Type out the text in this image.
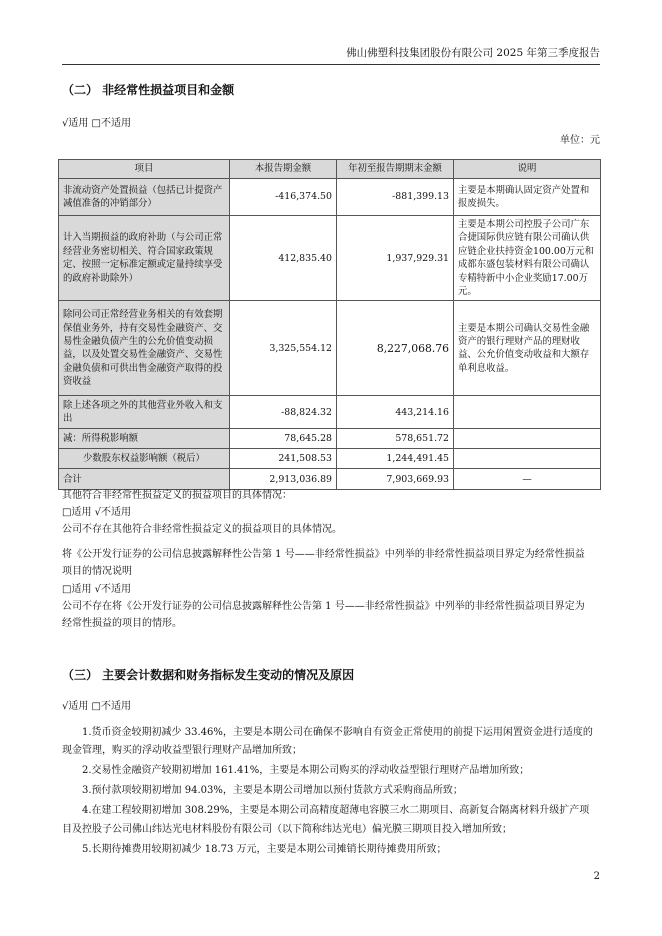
佛山佛塑科技集团股份有限公司 2025 年第三季度报告
（二） 非经常性损益项目和金额
√适用 □不适用
单位：元
项目	本报告期金额	年初至报告期期末金额	说明
非流动资产处置损益（包括已计提资产减值准备的冲销部分）	-416,374.50	-881,399.13	主要是本期确认固定资产处置和报废损失。
计入当期损益的政府补助（与公司正常经营业务密切相关、符合国家政策规定、按照一定标准定额或定量持续享受的政府补助除外）	412,835.40	1,937,929.31	主要是本期公司控股子公司广东合捷国际供应链有限公司确认供应链企业扶持资金100.00万元和成都东盛包装材料有限公司确认专精特新中小企业奖励17.00万元。
除同公司正常经营业务相关的有效套期保值业务外，持有交易性金融资产、交易性金融负债产生的公允价值变动损益，以及处置交易性金融资产、交易性金融负债和可供出售金融资产取得的投资收益	3,325,554.12	8,227,068.76	主要是本期公司确认交易性金融资产的银行理财产品的理财收益、公允价值变动收益和大额存单利息收益。
除上述各项之外的其他营业外收入和支出	-88,824.32	443,214.16	
减：所得税影响额	78,645.28	578,651.72	
少数股东权益影响额（税后）	241,508.53	1,244,491.45	
合计	2,913,036.89	7,903,669.93	—
其他符合非经常性损益定义的损益项目的具体情况：
□适用 √不适用
公司不存在其他符合非经常性损益定义的损益项目的具体情况。
将《公开发行证券的公司信息披露解释性公告第 1 号——非经常性损益》中列举的非经常性损益项目界定为经常性损益
项目的情况说明
□适用 √不适用
公司不存在将《公开发行证券的公司信息披露解释性公告第 1 号——非经常性损益》中列举的非经常性损益项目界定为
经常性损益的项目的情形。
（三） 主要会计数据和财务指标发生变动的情况及原因
√适用 □不适用
1.货币资金较期初减少 33.46%，主要是本期公司在确保不影响自有资金正常使用的前提下运用闲置资金进行适度的
现金管理，购买的浮动收益型银行理财产品增加所致；
2.交易性金融资产较期初增加 161.41%，主要是本期公司购买的浮动收益型银行理财产品增加所致；
3.预付款项较期初增加 94.03%，主要是本期公司增加以预付货款方式采购商品所致；
4.在建工程较期初增加 308.29%，主要是本期公司高精度超薄电容膜三水二期项目、高新复合隔离材料升级扩产项
目及控股子公司佛山纬达光电材料股份有限公司（以下简称纬达光电）偏光膜三期项目投入增加所致；
5.长期待摊费用较期初减少 18.73 万元，主要是本期公司摊销长期待摊费用所致；
2
